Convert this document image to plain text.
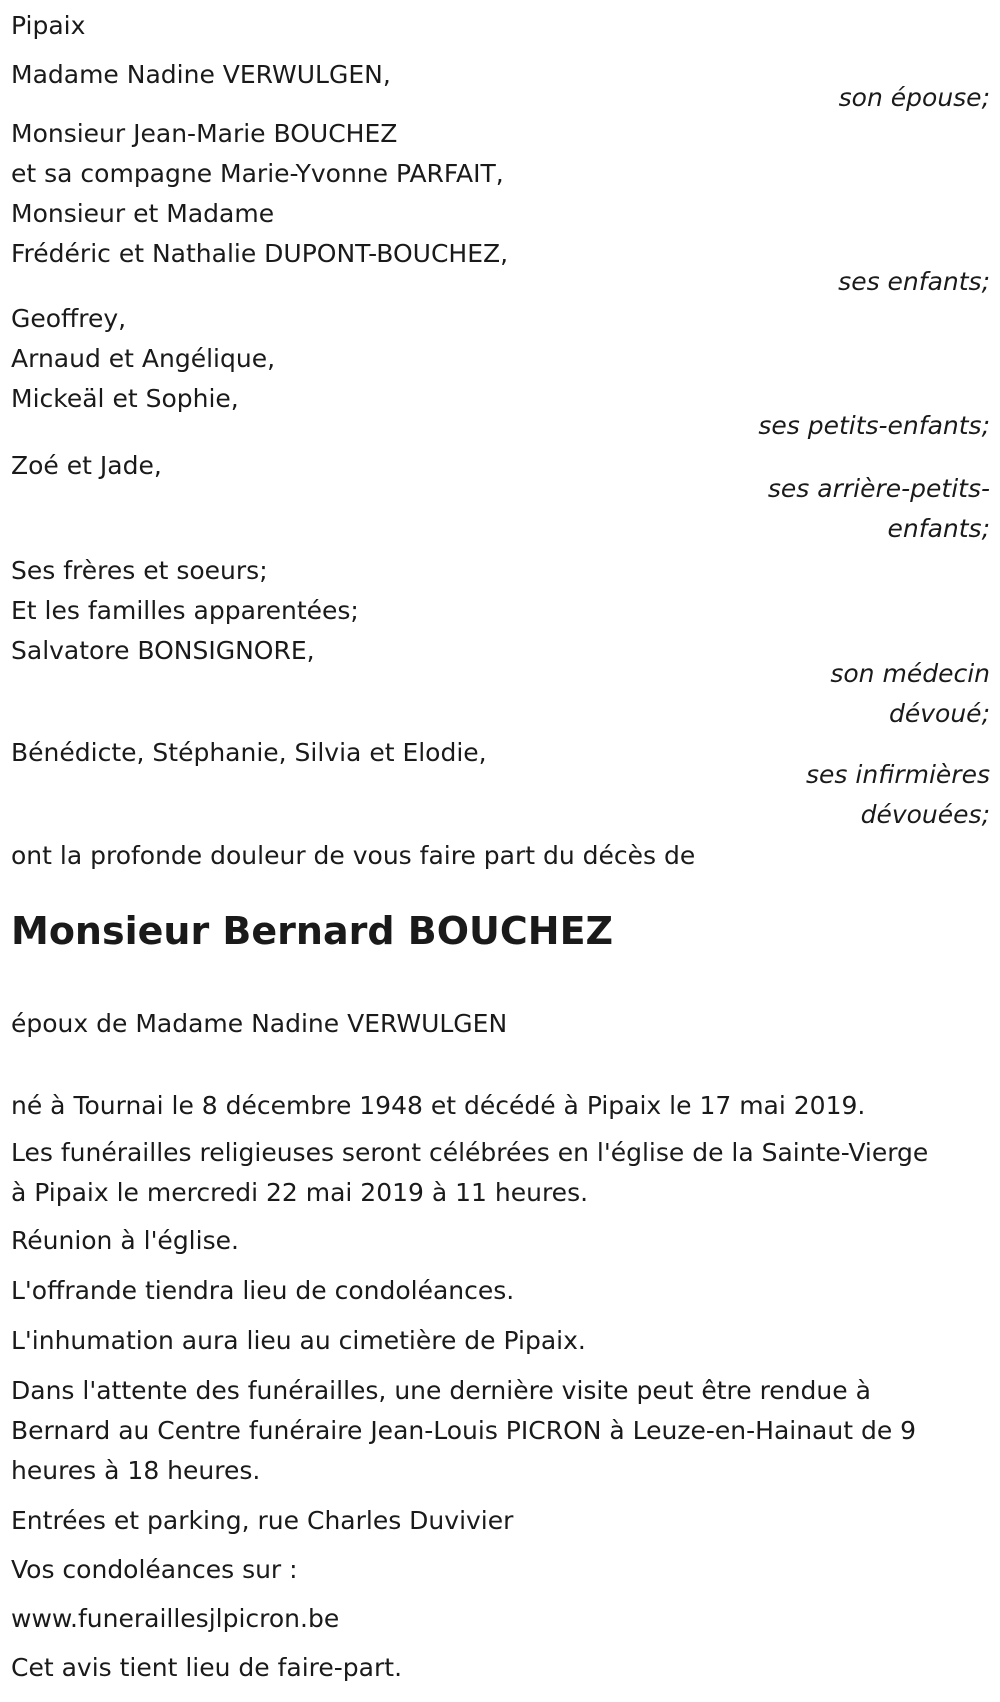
Pipaix
Madame Nadine VERWULGEN,
son épouse;
Monsieur Jean-Marie BOUCHEZ
et sa compagne Marie-Yvonne PARFAIT,
Monsieur et Madame
Frédéric et Nathalie DUPONT-BOUCHEZ,
ses enfants;
Geoffrey,
Arnaud et Angélique,
Mickeäl et Sophie,
ses petits-enfants;
Zoé et Jade,
ses arrière-petits-
enfants;
Ses frères et soeurs;
Et les familles apparentées;
Salvatore BONSIGNORE,
son médecin
dévoué;
Bénédicte, Stéphanie, Silvia et Elodie,
ses infirmières
dévouées;
ont la profonde douleur de vous faire part du décès de
Monsieur Bernard BOUCHEZ
époux de Madame Nadine VERWULGEN
né à Tournai le 8 décembre 1948 et décédé à Pipaix le 17 mai 2019.
Les funérailles religieuses seront célébrées en l'église de la Sainte-Vierge
à Pipaix le mercredi 22 mai 2019 à 11 heures.
Réunion à l'église.
L'offrande tiendra lieu de condoléances.
L'inhumation aura lieu au cimetière de Pipaix.
Dans l'attente des funérailles, une dernière visite peut être rendue à
Bernard au Centre funéraire Jean-Louis PICRON à Leuze-en-Hainaut de 9
heures à 18 heures.
Entrées et parking, rue Charles Duvivier
Vos condoléances sur :
www.funeraillesjlpicron.be
Cet avis tient lieu de faire-part.
